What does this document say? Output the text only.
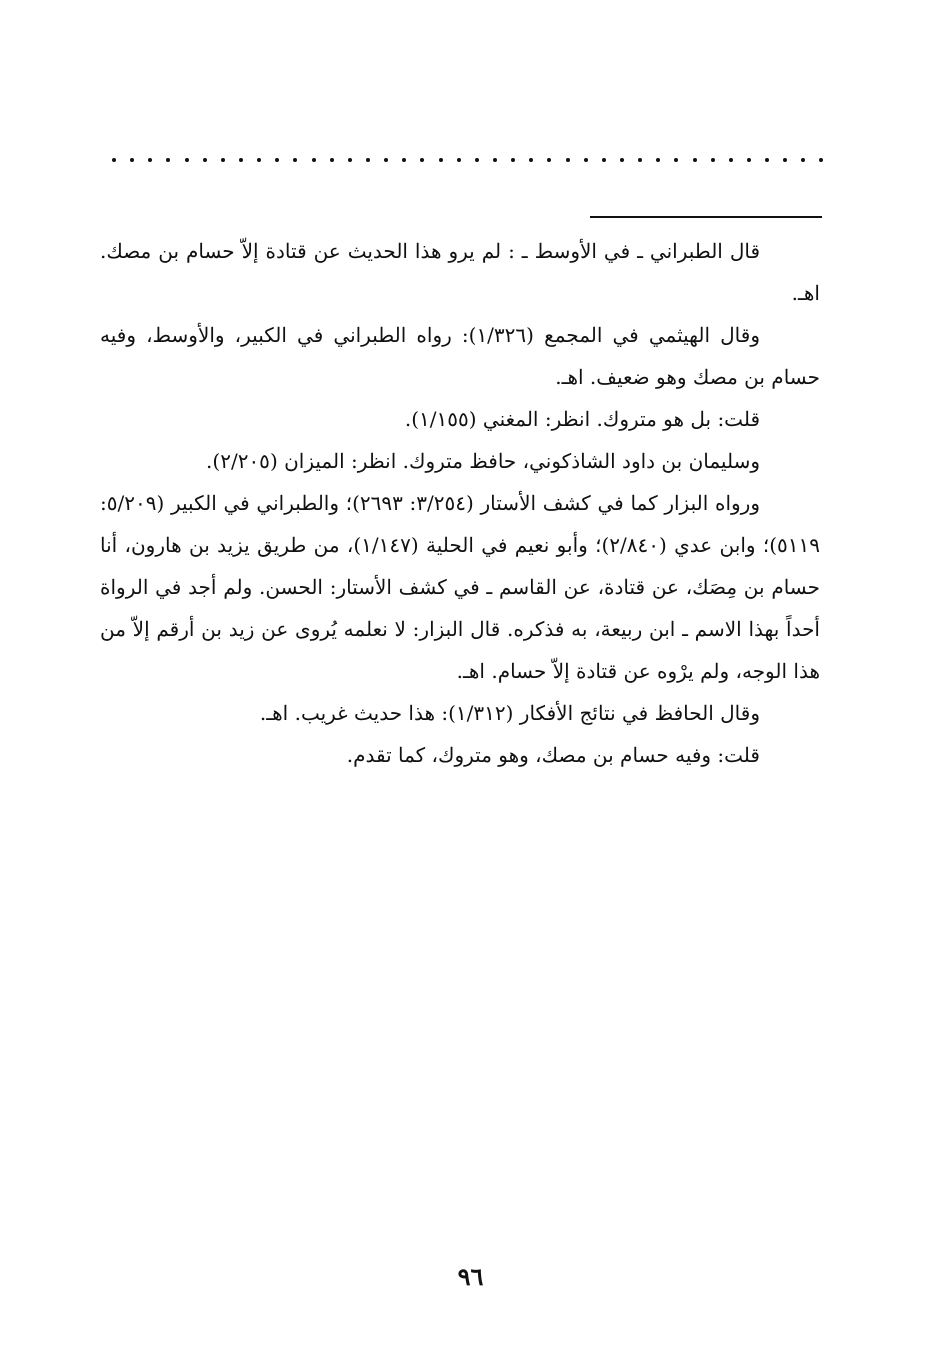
قال الطبراني ـ في الأوسط ـ : لم يرو هذا الحديث عن قتادة إلاّ حسام بن مصك. اهـ.

وقال الهيثمي في المجمع (١/٣٢٦): رواه الطبراني في الكبير، والأوسط، وفيه حسام بن مصك وهو ضعيف. اهـ.

قلت: بل هو متروك. انظر: المغني (١/١٥٥).

وسليمان بن داود الشاذكوني، حافظ متروك. انظر: الميزان (٢/٢٠٥).

ورواه البزار كما في كشف الأستار (٣/٢٥٤: ٢٦٩٣)؛ والطبراني في الكبير (٥/٢٠٩: ٥١١٩)؛ وابن عدي (٢/٨٤٠)؛ وأبو نعيم في الحلية (١/١٤٧)، من طريق يزيد بن هارون، أنا حسام بن مِصَك، عن قتادة، عن القاسم ـ في كشف الأستار: الحسن. ولم أجد في الرواة أحداً بهذا الاسم ـ ابن ربيعة، به فذكره. قال البزار: لا نعلمه يُروى عن زيد بن أرقم إلاّ من هذا الوجه، ولم يرْوه عن قتادة إلاّ حسام. اهـ.

وقال الحافظ في نتائج الأفكار (١/٣١٢): هذا حديث غريب. اهـ.

قلت: وفيه حسام بن مصك، وهو متروك، كما تقدم.

٩٦
